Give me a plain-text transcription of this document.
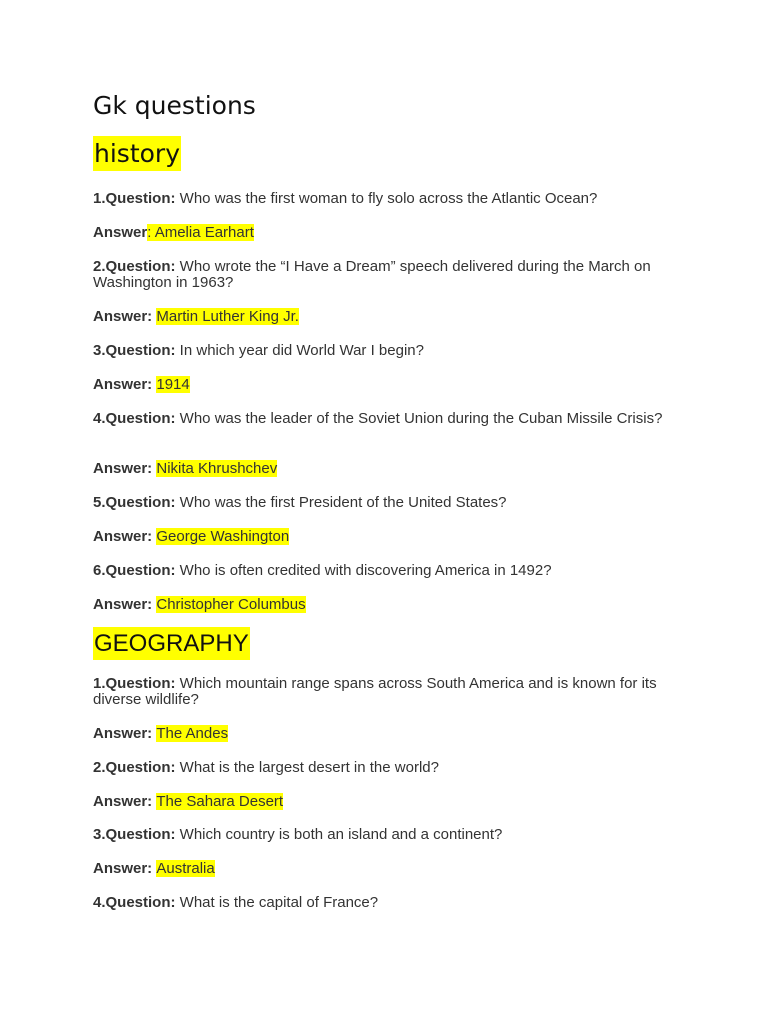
Gk questions
history

1.Question: Who was the first woman to fly solo across the Atlantic Ocean?

Answer: Amelia Earhart

2.Question: Who wrote the “I Have a Dream” speech delivered during the March on Washington in 1963?

Answer: Martin Luther King Jr.

3.Question: In which year did World War I begin?

Answer: 1914

4.Question: Who was the leader of the Soviet Union during the Cuban Missile Crisis?

Answer: Nikita Khrushchev

5.Question: Who was the first President of the United States?

Answer: George Washington

6.Question: Who is often credited with discovering America in 1492?

Answer: Christopher Columbus

GEOGRAPHY

1.Question: Which mountain range spans across South America and is known for its diverse wildlife?

Answer: The Andes

2.Question: What is the largest desert in the world?

Answer: The Sahara Desert

3.Question: Which country is both an island and a continent?

Answer: Australia

4.Question: What is the capital of France?
